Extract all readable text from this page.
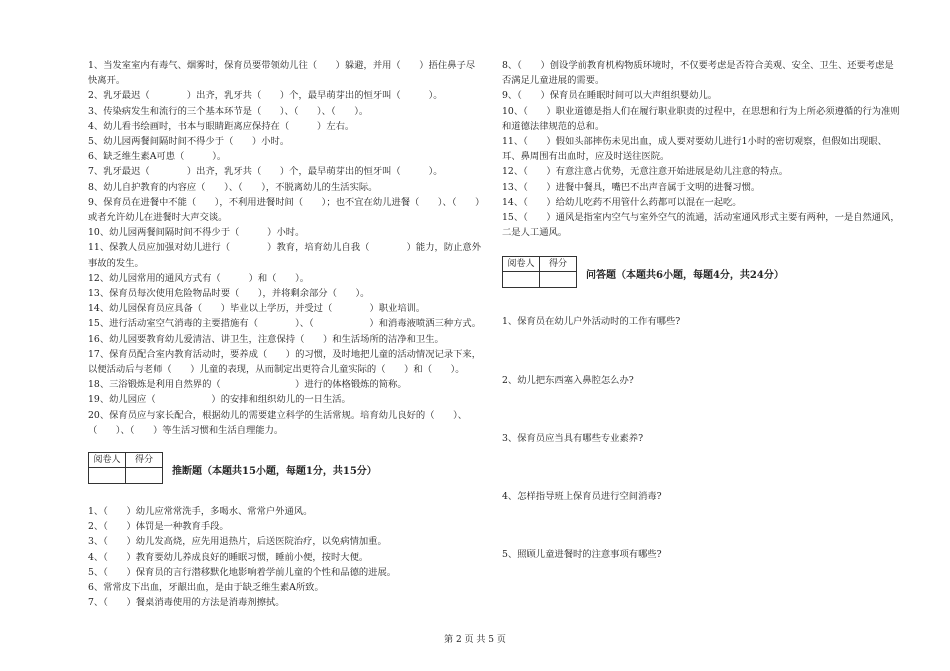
1、当发室室内有毒气、烟雾时，保育员要带领幼儿往（　　）躲避，并用（　　）捂住鼻子尽快离开。

2、乳牙最迟（　　　　）出齐，乳牙共（　　）个，最早萌芽出的恒牙叫（　　　）。

3、传染病发生和流行的三个基本环节是（　　）、（　　）、（　　）。

4、幼儿看书绘画时，书本与眼睛距离应保持在（　　　）左右。

5、幼儿园两餐间隔时间不得少于（　　）小时。

6、缺乏维生素A可患（　　　）。

7、乳牙最迟（　　　　）出齐，乳牙共（　　）个，最早萌芽出的恒牙叫（　　　）。

8、幼儿自护教育的内容应（　　）、（　　），不脱离幼儿的生活实际。

9、保育员在进餐中不能（　　），不利用进餐时间（　　）；也不宜在幼儿进餐（　　）、（　　）或者允许幼儿在进餐时大声交谈。

10、幼儿园两餐间隔时间不得少于（　　　）小时。

11、保教人员应加强对幼儿进行（　　　　）教育，培育幼儿自我（　　　　）能力，防止意外事故的发生。

12、幼儿园常用的通风方式有（　　　）和（　　）。

13、保育员每次使用危险物品时要（　　），并将剩余部分（　　）。

14、幼儿园保育员应具备（　　）毕业以上学历，并受过（　　　　）职业培训。

15、进行活动室空气消毒的主要措施有（　　　　）、（　　　　　　）和消毒液喷洒三种方式。

16、幼儿园要教育幼儿爱清洁、讲卫生，注意保持（　　）和生活场所的洁净和卫生。

17、保育员配合室内教育活动时，要养成（　　）的习惯，及时地把儿童的活动情况记录下来，以便活动后与老师（　　）儿童的表现，从而制定出更符合儿童实际的（　　）和（　　）。

18、三浴锻炼是利用自然界的（　　　　　　　　）进行的体格锻炼的简称。

19、幼儿园应（　　　　　　）的安排和组织幼儿的一日生活。

20、保育员应与家长配合，根据幼儿的需要建立科学的生活常规。培育幼儿良好的（　　）、（　　）、（　　）等生活习惯和生活自理能力。

阅卷人	得分

推断题（本题共15小题，每题1分，共15分）

1、（　　）幼儿应常常洗手，多喝水、常常户外通风。

2、（　　）体罚是一种教育手段。

3、（　　）幼儿发高烧，应先用退热片，后送医院治疗，以免病情加重。

4、（　　）教育要幼儿养成良好的睡眠习惯，睡前小便，按时大便。

5、（　　）保育员的言行潜移默化地影响着学前儿童的个性和品德的进展。

6、常常皮下出血，牙龈出血，是由于缺乏维生素A所致。

7、（　　）餐桌消毒使用的方法是消毒剂擦拭。

8、（　　）创设学前教育机构物质环境时，不仅要考虑是否符合美观、安全、卫生、还要考虑是否满足儿童进展的需要。

9、（　　）保育员在睡眠时间可以大声组织婴幼儿。

10、（　　）职业道德是指人们在履行职业职责的过程中，在思想和行为上所必须遵循的行为准则和道德法律规范的总和。

11、（　　）假如头部摔伤未见出血，成人要对要幼儿进行1小时的密切观察，但假如出现眼、耳、鼻周围有出血时，应及时送往医院。

12、（　　）有意注意占优势，无意注意开始进展是幼儿注意的特点。

13、（　　）进餐中餐具，嘴巴不出声音属于文明的进餐习惯。

14、（　　）给幼儿吃药不用管什么药都可以混在一起吃。

15、（　　）通风是指室内空气与室外空气的流通，活动室通风形式主要有两种，一是自然通风，二是人工通风。

阅卷人	得分

问答题（本题共6小题，每题4分，共24分）

1、保育员在幼儿户外活动时的工作有哪些?

2、幼儿把东西塞入鼻腔怎么办?

3、保育员应当具有哪些专业素养?

4、怎样指导班上保育员进行空间消毒?

5、照顾儿童进餐时的注意事项有哪些?

第 2 页 共 5 页
